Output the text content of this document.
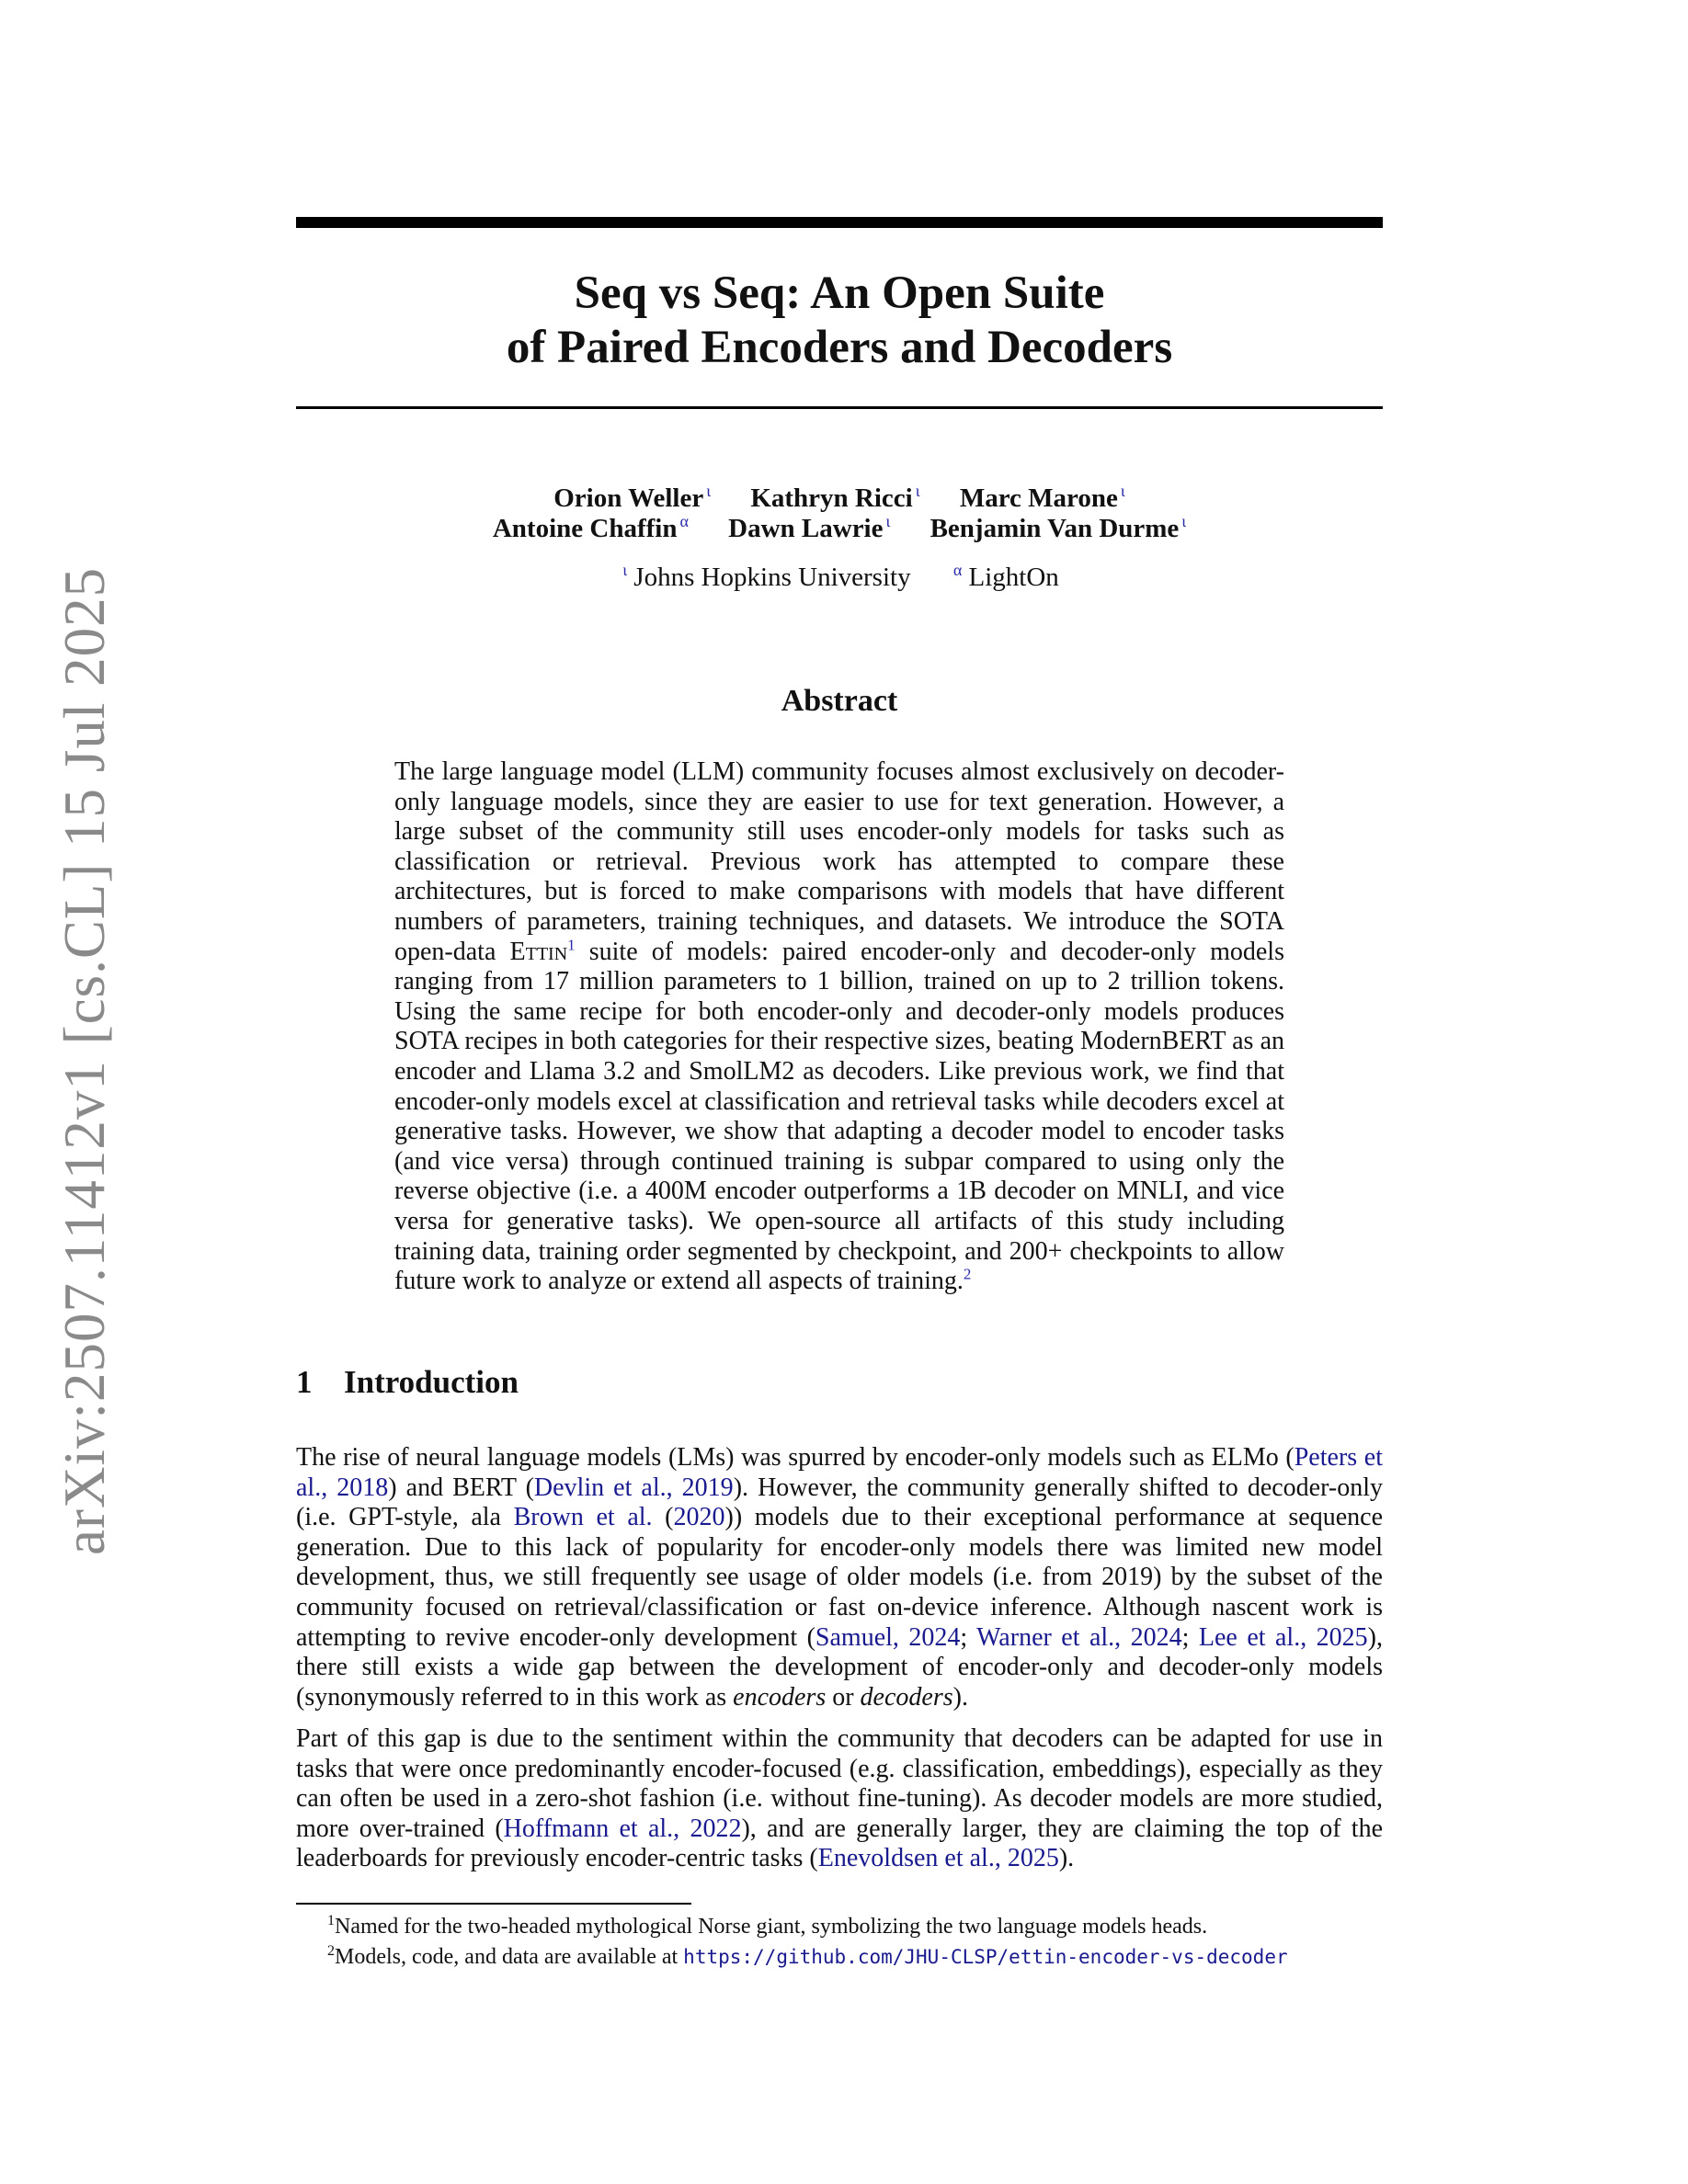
arXiv:2507.11412v1 [cs.CL] 15 Jul 2025
Seq vs Seq: An Open Suite
of Paired Encoders and Decoders
Orion Weller $^\iota$ Kathryn Ricci $^\iota$ Marc Marone $^\iota$
Antoine Chaffin $^\alpha$ Dawn Lawrie $^\iota$ Benjamin Van Durme $^\iota$
$^\iota$ Johns Hopkins University	$^\alpha$ LightOn
Abstract
The large language model (LLM) community focuses almost exclusively on decoder-only language models, since they are easier to use for text generation. However, a large subset of the community still uses encoder-only models for tasks such as classification or retrieval. Previous work has attempted to compare these architectures, but is forced to make comparisons with models that have different numbers of parameters, training techniques, and datasets. We introduce the SOTA open-data Ettin$^1$ suite of models: paired encoder-only and decoder-only models ranging from 17 million parameters to 1 billion, trained on up to 2 trillion tokens. Using the same recipe for both encoder-only and decoder-only models produces SOTA recipes in both categories for their respective sizes, beating ModernBERT as an encoder and Llama 3.2 and SmolLM2 as decoders. Like previous work, we find that encoder-only models excel at classification and retrieval tasks while decoders excel at generative tasks. However, we show that adapting a decoder model to encoder tasks (and vice versa) through continued training is subpar compared to using only the reverse objective (i.e. a 400M encoder outperforms a 1B decoder on MNLI, and vice versa for generative tasks). We open-source all artifacts of this study including training data, training order segmented by checkpoint, and 200+ checkpoints to allow future work to analyze or extend all aspects of training.$^2$
1 Introduction
The rise of neural language models (LMs) was spurred by encoder-only models such as ELMo (Peters et al., 2018) and BERT (Devlin et al., 2019). However, the community generally shifted to decoder-only (i.e. GPT-style, ala Brown et al. (2020)) models due to their exceptional performance at sequence generation. Due to this lack of popularity for encoder-only models there was limited new model development, thus, we still frequently see usage of older models (i.e. from 2019) by the subset of the community focused on retrieval/classification or fast on-device inference. Although nascent work is attempting to revive encoder-only development (Samuel, 2024; Warner et al., 2024; Lee et al., 2025), there still exists a wide gap between the development of encoder-only and decoder-only models (synonymously referred to in this work as encoders or decoders).
Part of this gap is due to the sentiment within the community that decoders can be adapted for use in tasks that were once predominantly encoder-focused (e.g. classification, embeddings), especially as they can often be used in a zero-shot fashion (i.e. without fine-tuning). As decoder models are more studied, more over-trained (Hoffmann et al., 2022), and are generally larger, they are claiming the top of the leaderboards for previously encoder-centric tasks (Enevoldsen et al., 2025).
$^1$Named for the two-headed mythological Norse giant, symbolizing the two language models heads.
$^2$Models, code, and data are available at https://github.com/JHU-CLSP/ettin-encoder-vs-decoder
